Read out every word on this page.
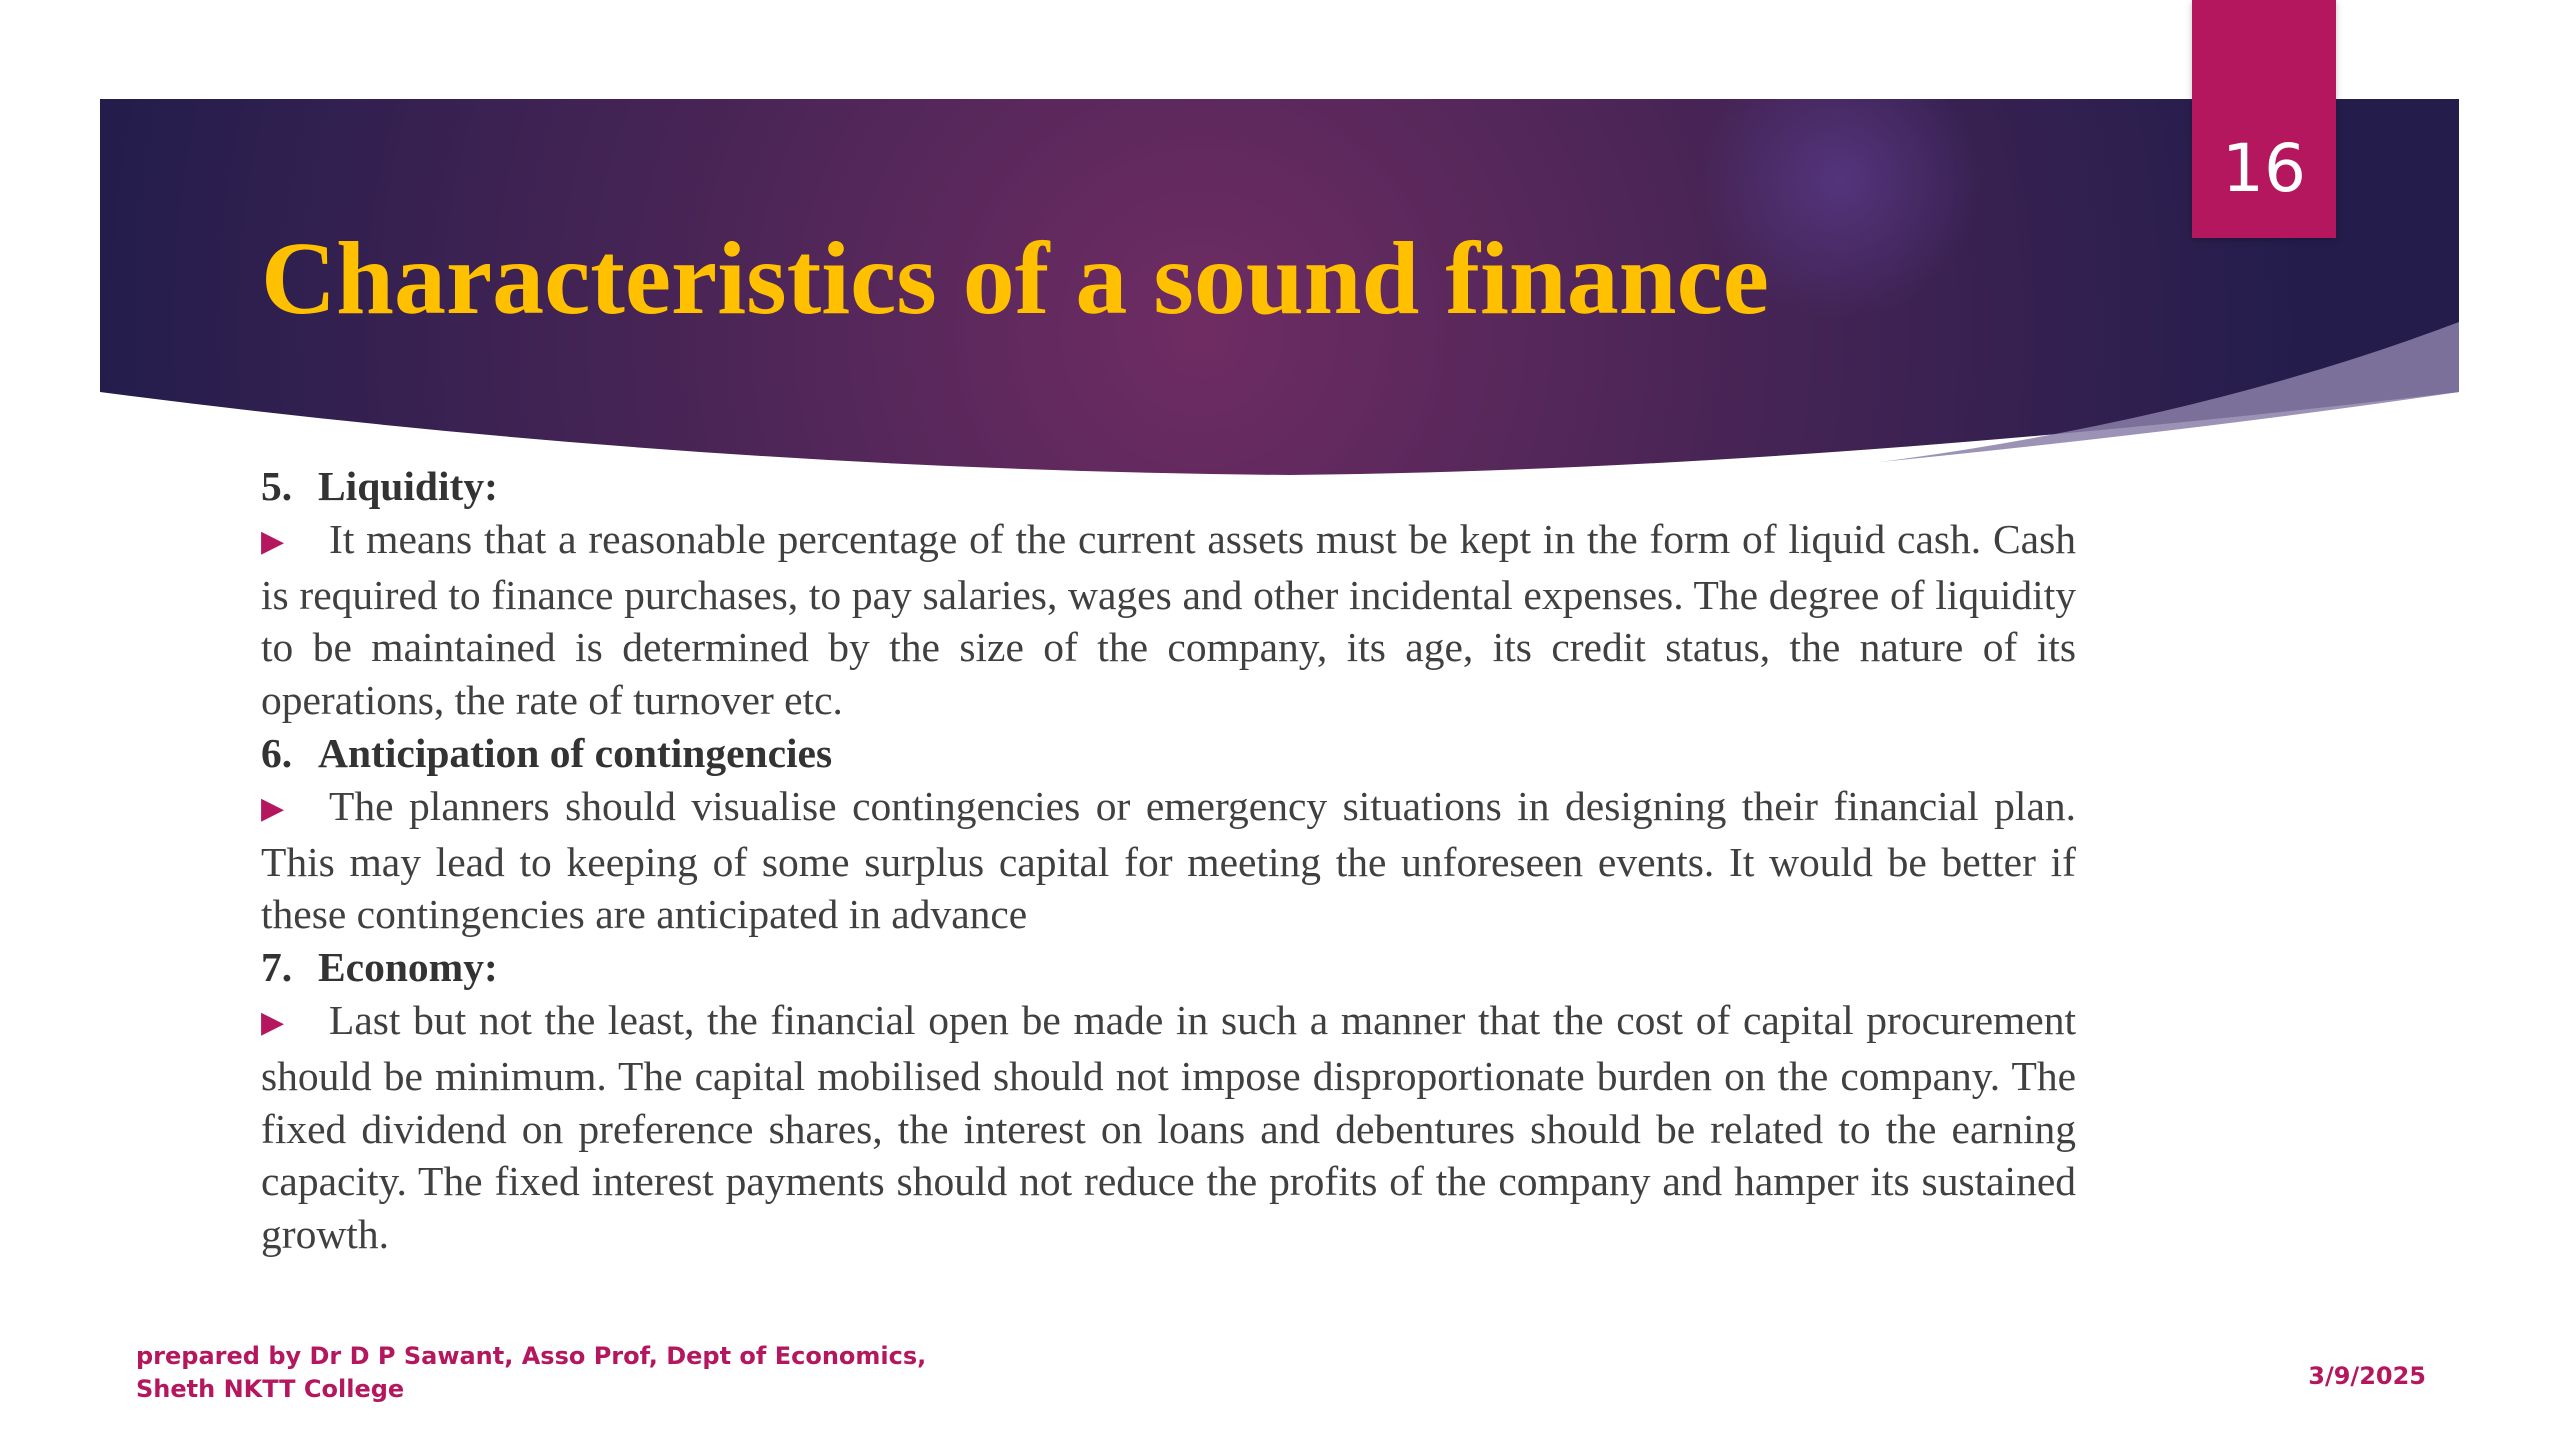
16
Characteristics of a sound finance
5. Liquidity:
▶ It means that a reasonable percentage of the current assets must be kept in the form of liquid cash. Cash is required to finance purchases, to pay salaries, wages and other incidental expenses. The degree of liquidity to be maintained is determined by the size of the company, its age, its credit status, the nature of its operations, the rate of turnover etc.
6. Anticipation of contingencies
▶ The planners should visualise contingencies or emergency situations in designing their financial plan. This may lead to keeping of some surplus capital for meeting the unforeseen events. It would be better if these contingencies are anticipated in advance
7. Economy:
▶ Last but not the least, the financial open be made in such a manner that the cost of capital procurement should be minimum. The capital mobilised should not impose disproportionate burden on the company. The fixed dividend on preference shares, the interest on loans and debentures should be related to the earning capacity. The fixed interest payments should not reduce the profits of the company and hamper its sustained growth.
prepared by Dr D P Sawant, Asso Prof, Dept of Economics,
Sheth NKTT College	3/9/2025
